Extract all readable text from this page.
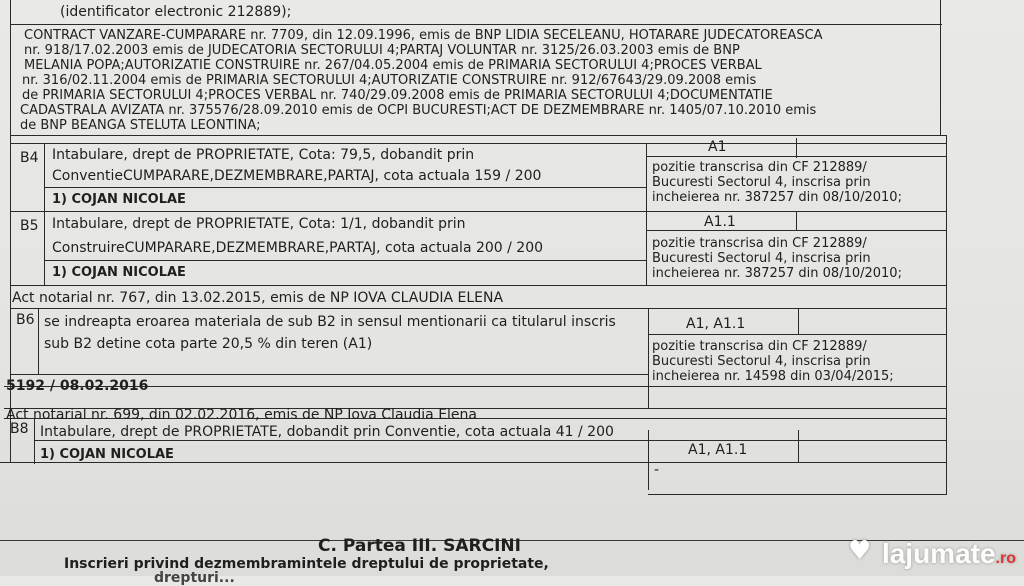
(identificator electronic 212889);
CONTRACT VANZARE-CUMPARARE nr. 7709, din 12.09.1996, emis de BNP LIDIA SECELEANU, HOTARARE JUDECATOREASCA
nr. 918/17.02.2003 emis de JUDECATORIA SECTORULUI 4;PARTAJ VOLUNTAR nr. 3125/26.03.2003 emis de BNP
MELANIA POPA;AUTORIZATIE CONSTRUIRE nr. 267/04.05.2004 emis de PRIMARIA SECTORULUI 4;PROCES VERBAL
nr. 316/02.11.2004 emis de PRIMARIA SECTORULUI 4;AUTORIZATIE CONSTRUIRE nr. 912/67643/29.09.2008 emis
de PRIMARIA SECTORULUI 4;PROCES VERBAL nr. 740/29.09.2008 emis de PRIMARIA SECTORULUI 4;DOCUMENTATIE
CADASTRALA AVIZATA nr. 375576/28.09.2010 emis de OCPI BUCURESTI;ACT DE DEZMEMBRARE nr. 1405/07.10.2010 emis
de BNP BEANGA STELUTA LEONTINA;
B4 Intabulare, drept de PROPRIETATE, Cota: 79,5, dobandit prin
ConventieCUMPARARE,DEZMEMBRARE,PARTAJ, cota actuala 159 / 200
1) COJAN NICOLAE
A1
pozitie transcrisa din CF 212889/
Bucuresti Sectorul 4, inscrisa prin
incheierea nr. 387257 din 08/10/2010;
B5 Intabulare, drept de PROPRIETATE, Cota: 1/1, dobandit prin
ConstruireCUMPARARE,DEZMEMBRARE,PARTAJ, cota actuala 200 / 200
1) COJAN NICOLAE
A1.1
pozitie transcrisa din CF 212889/
Bucuresti Sectorul 4, inscrisa prin
incheierea nr. 387257 din 08/10/2010;
Act notarial nr. 767, din 13.02.2015, emis de NP IOVA CLAUDIA ELENA
B6 se indreapta eroarea materiala de sub B2 in sensul mentionarii ca titularul inscris
sub B2 detine cota parte 20,5 % din teren (A1)
A1, A1.1
pozitie transcrisa din CF 212889/
Bucuresti Sectorul 4, inscrisa prin
incheierea nr. 14598 din 03/04/2015;
5192 / 08.02.2016
Act notarial nr. 699, din 02.02.2016, emis de NP Iova Claudia Elena
B8 Intabulare, drept de PROPRIETATE, dobandit prin Conventie, cota actuala 41 / 200
1) COJAN NICOLAE	A1, A1.1
-
C. Partea III. SARCINI
Inscrieri privind dezmembramintele dreptului de proprietate,
drepturi...
♥ lajumate.ro
